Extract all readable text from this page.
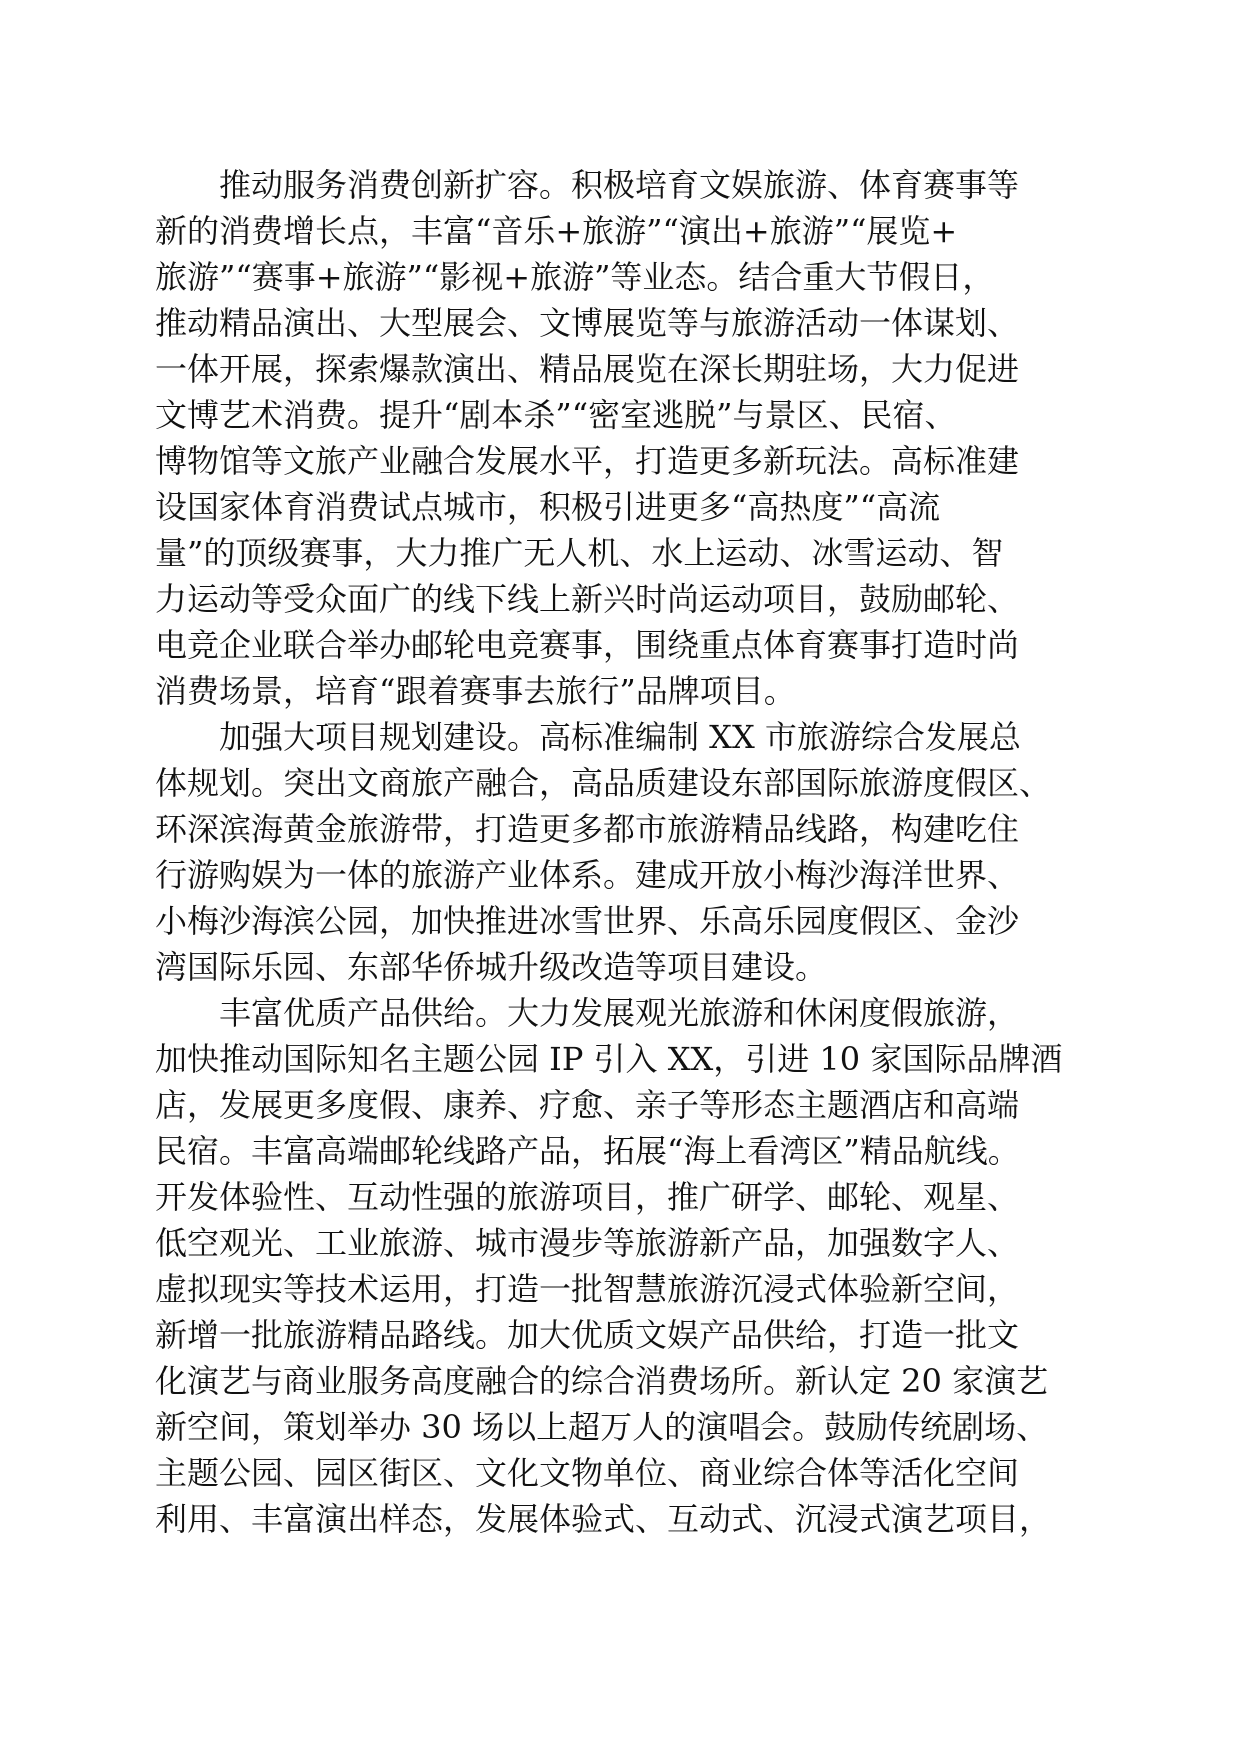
推动服务消费创新扩容。积极培育文娱旅游、体育赛事等
新的消费增长点，丰富“音乐+旅游”“演出+旅游”“展览+
旅游”“赛事+旅游”“影视+旅游”等业态。结合重大节假日，
推动精品演出、大型展会、文博展览等与旅游活动一体谋划、
一体开展，探索爆款演出、精品展览在深长期驻场，大力促进
文博艺术消费。提升“剧本杀”“密室逃脱”与景区、民宿、
博物馆等文旅产业融合发展水平，打造更多新玩法。高标准建
设国家体育消费试点城市，积极引进更多“高热度”“高流
量”的顶级赛事，大力推广无人机、水上运动、冰雪运动、智
力运动等受众面广的线下线上新兴时尚运动项目，鼓励邮轮、
电竞企业联合举办邮轮电竞赛事，围绕重点体育赛事打造时尚
消费场景，培育“跟着赛事去旅行”品牌项目。
加强大项目规划建设。高标准编制 XX 市旅游综合发展总
体规划。突出文商旅产融合，高品质建设东部国际旅游度假区、
环深滨海黄金旅游带，打造更多都市旅游精品线路，构建吃住
行游购娱为一体的旅游产业体系。建成开放小梅沙海洋世界、
小梅沙海滨公园，加快推进冰雪世界、乐高乐园度假区、金沙
湾国际乐园、东部华侨城升级改造等项目建设。
丰富优质产品供给。大力发展观光旅游和休闲度假旅游，
加快推动国际知名主题公园 IP 引入 XX，引进 10 家国际品牌酒
店，发展更多度假、康养、疗愈、亲子等形态主题酒店和高端
民宿。丰富高端邮轮线路产品，拓展“海上看湾区”精品航线。
开发体验性、互动性强的旅游项目，推广研学、邮轮、观星、
低空观光、工业旅游、城市漫步等旅游新产品，加强数字人、
虚拟现实等技术运用，打造一批智慧旅游沉浸式体验新空间，
新增一批旅游精品路线。加大优质文娱产品供给，打造一批文
化演艺与商业服务高度融合的综合消费场所。新认定 20 家演艺
新空间，策划举办 30 场以上超万人的演唱会。鼓励传统剧场、
主题公园、园区街区、文化文物单位、商业综合体等活化空间
利用、丰富演出样态，发展体验式、互动式、沉浸式演艺项目，
